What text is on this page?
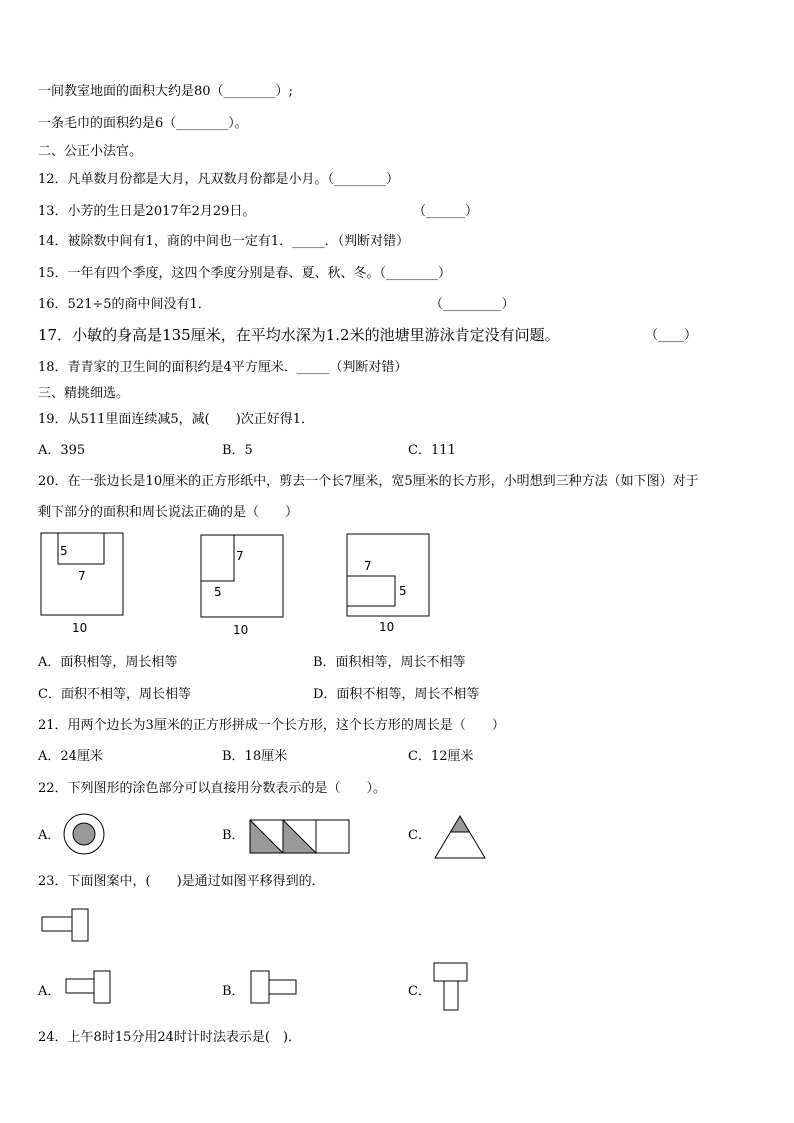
一间教室地面的面积大约是80（________）;
一条毛巾的面积约是6（________）。
二、公正小法官。
12．凡单数月份都是大月，凡双数月份都是小月。（________）
13．小芳的生日是2017年2月29日。	（______）
14．被除数中间有1，商的中间也一定有1．_____．（判断对错）
15．一年有四个季度，这四个季度分别是春、夏、秋、冬。（________）
16．521÷5的商中间没有1．	（_________）
17．小敏的身高是135厘米，在平均水深为1.2米的池塘里游泳肯定没有问题。	（____）
18．青青家的卫生间的面积约是4平方厘米．_____（判断对错）
三、精挑细选。
19．从511里面连续减5，减(　　)次正好得1．
A．395	B．5	C．111
20．在一张边长是10厘米的正方形纸中，剪去一个长7厘米，宽5厘米的长方形，小明想到三种方法（如下图）对于
剩下部分的面积和周长说法正确的是（　　）
5
7
10
7
5
10
7
5
10
A．面积相等，周长相等	B．面积相等，周长不相等
C．面积不相等，周长相等	D．面积不相等，周长不相等
21．用两个边长为3厘米的正方形拼成一个长方形，这个长方形的周长是（　　）
A．24厘米	B．18厘米	C．12厘米
22．下列图形的涂色部分可以直接用分数表示的是（　　）。
A．	B．	C．
23．下面图案中，(　　)是通过如图平移得到的．
A．	B．	C．
24．上午8时15分用24时计时法表示是(　)．
